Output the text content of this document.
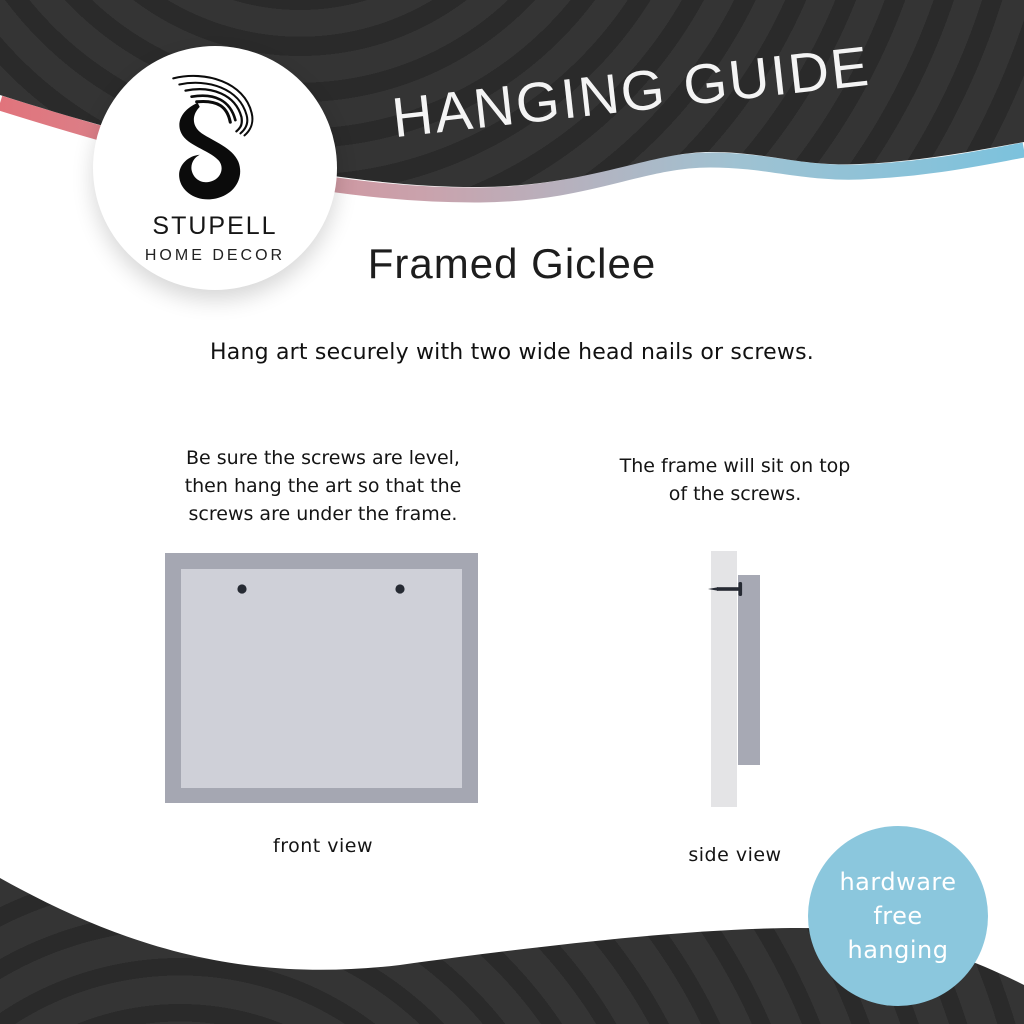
HANGING GUIDE
STUPELL
HOME DECOR	Framed Giclee
Hang art securely with two wide head nails or screws.
Be sure the screws are level,
then hang the art so that the
screws are under the frame.
front view
The frame will sit on top
of the screws.
side view
hardware
free
hanging
